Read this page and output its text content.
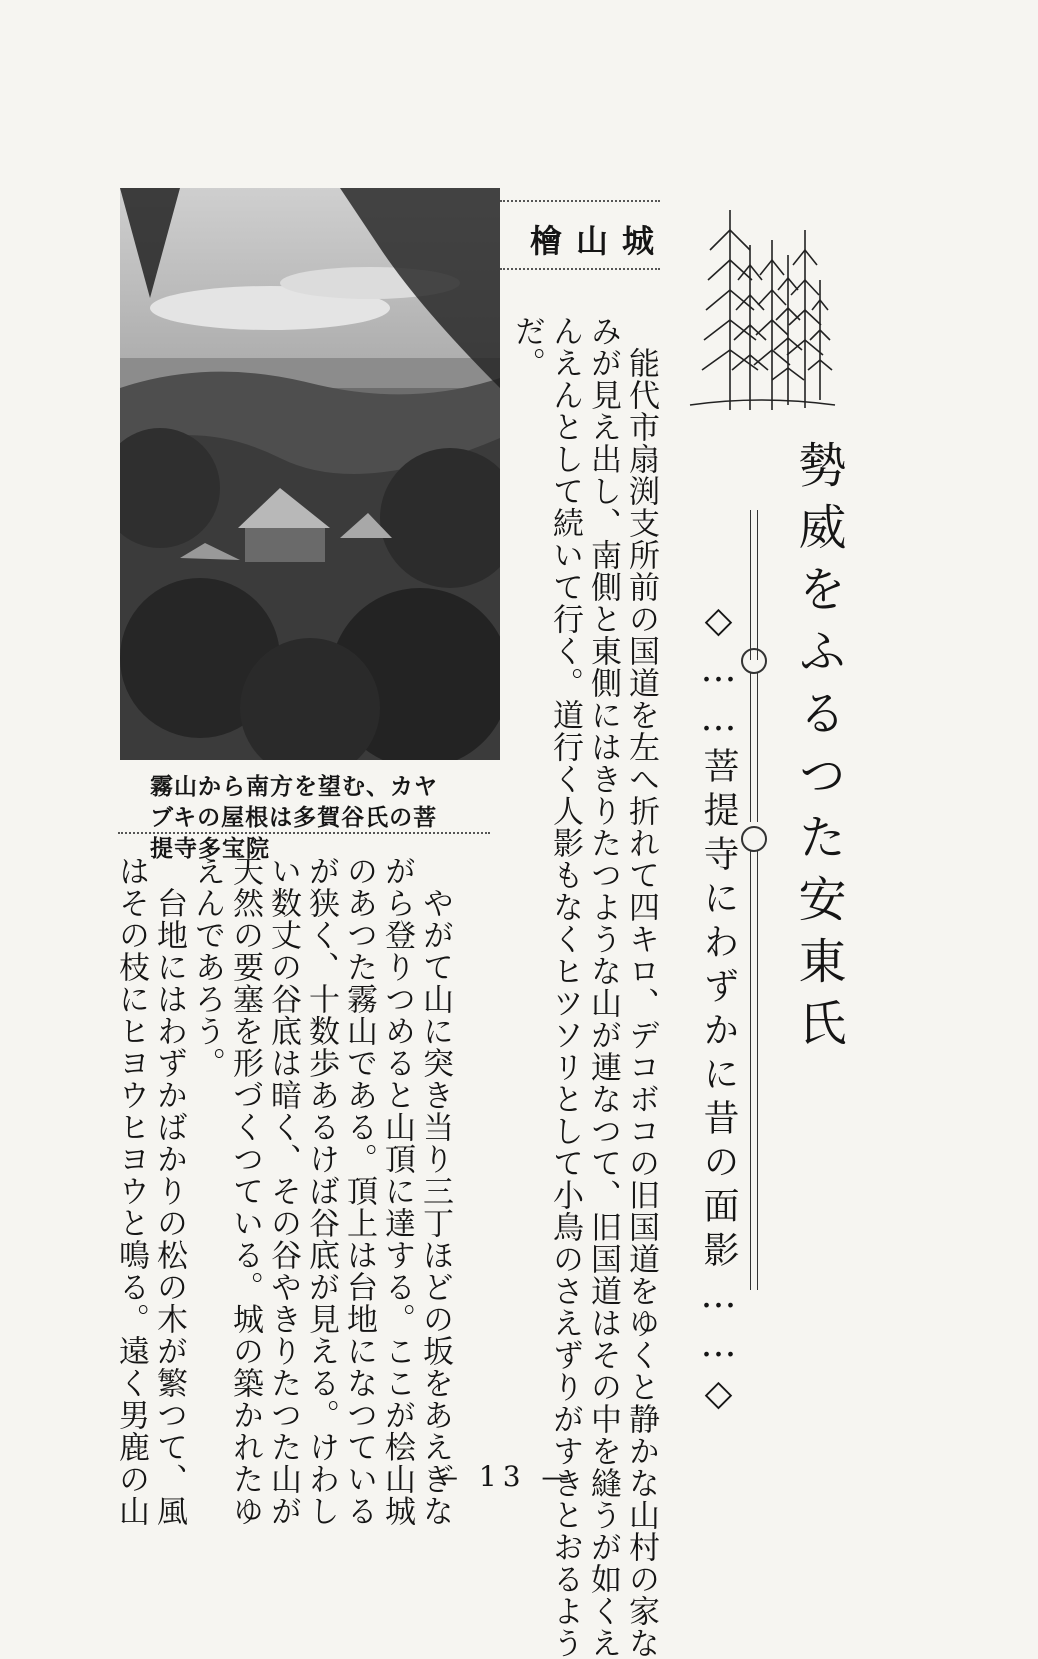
霧山から南方を望む、カヤ
ブキの屋根は多賀谷氏の菩
提寺多宝院
檜山城
勢威をふるつた安東氏
◇……菩提寺にわずかに昔の面影……◇
　能代市扇渕支所前の国道を左へ折れて四キロ、デコボコの旧国道をゆくと静かな山村の家な
みが見え出し、南側と東側にはきりたつような山が連なつて、旧国道はその中を縫うが如くえ
んえんとして続いて行く。道行く人影もなくヒツソリとして小鳥のさえずりがすきとおるよう
だ。
　やがて山に突き当り三丁ほどの坂をあえぎな
がら登りつめると山頂に達する。ここが桧山城
のあつた霧山である。頂上は台地になつている
が狭く、十数歩あるけば谷底が見える。けわし
い数丈の谷底は暗く、その谷やきりたつた山が
天然の要塞を形づくつている。城の築かれたゆ
えんであろう。
　台地にはわずかばかりの松の木が繁つて、風
はその枝にヒヨウヒヨウと鳴る。遠く男鹿の山	— 13 —
